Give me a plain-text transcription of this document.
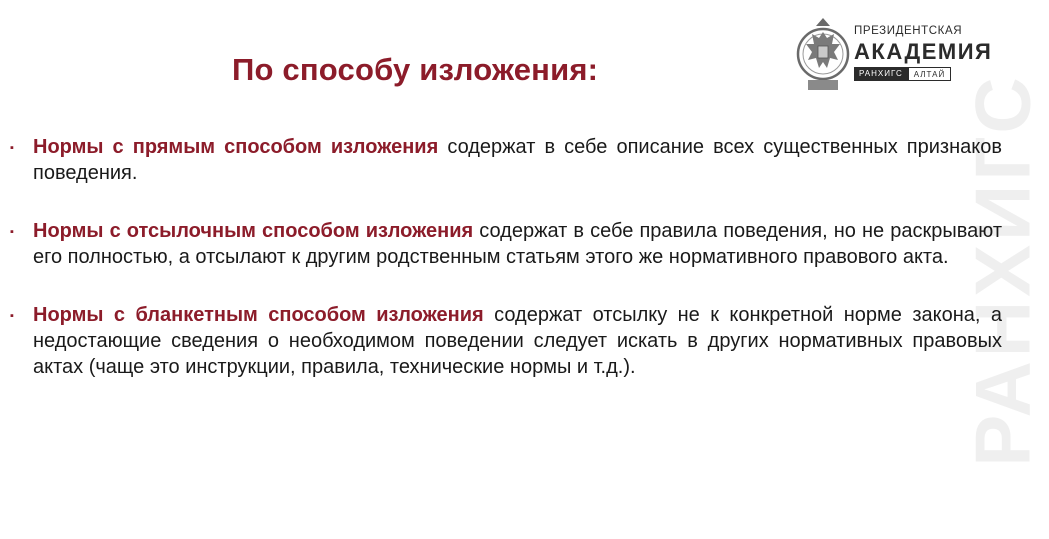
РАНХИГС
По способу изложения:
ПРЕЗИДЕНТСКАЯ
АКАДЕМИЯ
РАНХИГС	АЛТАЙ
▪ Нормы с прямым способом изложения содержат в себе описание всех существенных признаков поведения.
▪ Нормы с отсылочным способом изложения содержат в себе правила поведения, но не раскрывают его полностью, а отсылают к другим родственным статьям этого же нормативного правового акта.
▪ Нормы с бланкетным способом изложения содержат отсылку не к конкретной норме закона, а недостающие сведения о необходимом поведении следует искать в других нормативных правовых актах (чаще это инструкции, правила, технические нормы и т.д.).
